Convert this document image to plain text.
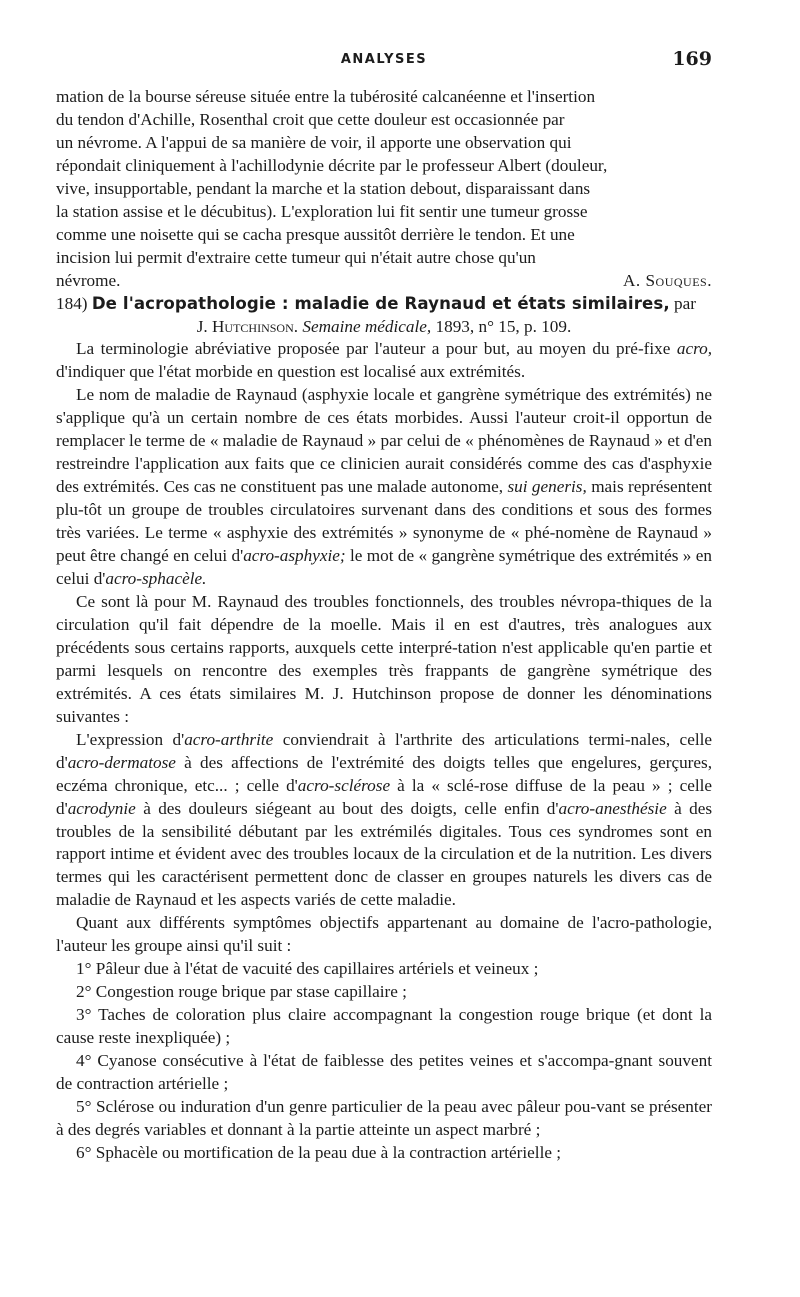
ANALYSES	169

mation de la bourse séreuse située entre la tubérosité calcanéenne et l'insertion

du tendon d'Achille, Rosenthal croit que cette douleur est occasionnée par

un névrome. A l'appui de sa manière de voir, il apporte une observation qui

répondait cliniquement à l'achillodynie décrite par le professeur Albert (douleur,

vive, insupportable, pendant la marche et la station debout, disparaissant dans

la station assise et le décubitus). L'exploration lui fit sentir une tumeur grosse

comme une noisette qui se cacha presque aussitôt derrière le tendon. Et une

incision lui permit d'extraire cette tumeur qui n'était autre chose qu'un

névrome.	A. Souques.

184) De l'acropathologie : maladie de Raynaud et états similaires, par

J. Hutchinson. Semaine médicale, 1893, n° 15, p. 109.

La terminologie abréviative proposée par l'auteur a pour but, au moyen du pré-fixe acro, d'indiquer que l'état morbide en question est localisé aux extrémités.

Le nom de maladie de Raynaud (asphyxie locale et gangrène symétrique des extrémités) ne s'applique qu'à un certain nombre de ces états morbides. Aussi l'auteur croit-il opportun de remplacer le terme de « maladie de Raynaud » par celui de « phénomènes de Raynaud » et d'en restreindre l'application aux faits que ce clinicien aurait considérés comme des cas d'asphyxie des extrémités. Ces cas ne constituent pas une malade autonome, sui generis, mais représentent plu-tôt un groupe de troubles circulatoires survenant dans des conditions et sous des formes très variées. Le terme « asphyxie des extrémités » synonyme de « phé-nomène de Raynaud » peut être changé en celui d'acro-asphyxie; le mot de « gangrène symétrique des extrémités » en celui d'acro-sphacèle.

Ce sont là pour M. Raynaud des troubles fonctionnels, des troubles névropa-thiques de la circulation qu'il fait dépendre de la moelle. Mais il en est d'autres, très analogues aux précédents sous certains rapports, auxquels cette interpré-tation n'est applicable qu'en partie et parmi lesquels on rencontre des exemples très frappants de gangrène symétrique des extrémités. A ces états similaires M. J. Hutchinson propose de donner les dénominations suivantes :

L'expression d'acro-arthrite conviendrait à l'arthrite des articulations termi-nales, celle d'acro-dermatose à des affections de l'extrémité des doigts telles que engelures, gerçures, eczéma chronique, etc... ; celle d'acro-sclérose à la « sclé-rose diffuse de la peau » ; celle d'acrodynie à des douleurs siégeant au bout des doigts, celle enfin d'acro-anesthésie à des troubles de la sensibilité débutant par les extrémilés digitales. Tous ces syndromes sont en rapport intime et évident avec des troubles locaux de la circulation et de la nutrition. Les divers termes qui les caractérisent permettent donc de classer en groupes naturels les divers cas de maladie de Raynaud et les aspects variés de cette maladie.

Quant aux différents symptômes objectifs appartenant au domaine de l'acro-pathologie, l'auteur les groupe ainsi qu'il suit :

1° Pâleur due à l'état de vacuité des capillaires artériels et veineux ;

2° Congestion rouge brique par stase capillaire ;

3° Taches de coloration plus claire accompagnant la congestion rouge brique (et dont la cause reste inexpliquée) ;

4° Cyanose consécutive à l'état de faiblesse des petites veines et s'accompa-gnant souvent de contraction artérielle ;

5° Sclérose ou induration d'un genre particulier de la peau avec pâleur pou-vant se présenter à des degrés variables et donnant à la partie atteinte un aspect marbré ;

6° Sphacèle ou mortification de la peau due à la contraction artérielle ;
